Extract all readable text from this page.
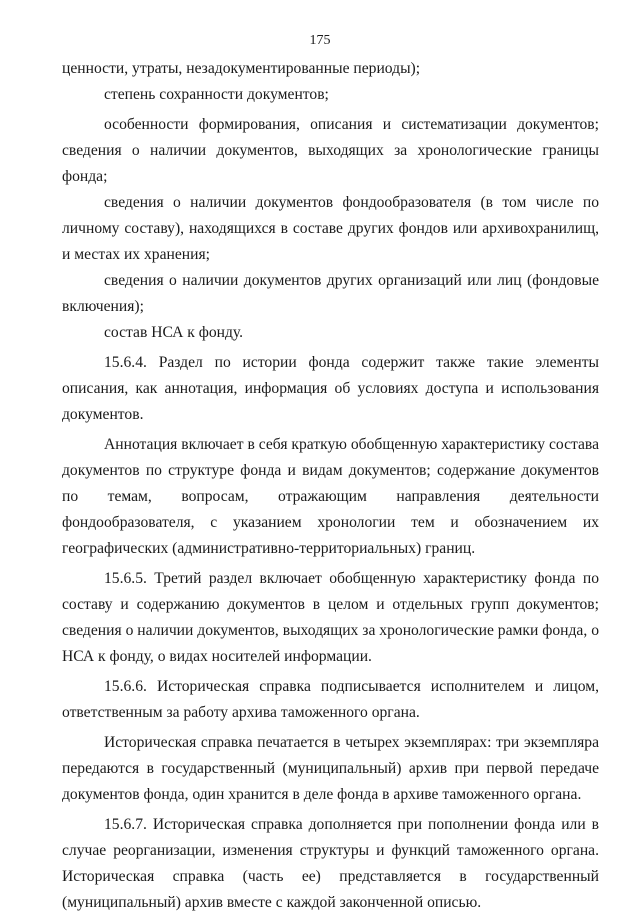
175

ценности, утраты, незадокументированные периоды);

степень сохранности документов;

особенности формирования, описания и систематизации документов; сведения о наличии документов, выходящих за хронологические границы фонда;

сведения о наличии документов фондообразователя (в том числе по личному составу), находящихся в составе других фондов или архивохранилищ, и местах их хранения;

сведения о наличии документов других организаций или лиц (фондовые включения);

состав НСА к фонду.

15.6.4. Раздел по истории фонда содержит также такие элементы описания, как аннотация, информация об условиях доступа и использования документов.

Аннотация включает в себя краткую обобщенную характеристику состава документов по структуре фонда и видам документов; содержание документов по темам, вопросам, отражающим направления деятельности фондообразователя, с указанием хронологии тем и обозначением их географических (административно-территориальных) границ.

15.6.5. Третий раздел включает обобщенную характеристику фонда по составу и содержанию документов в целом и отдельных групп документов; сведения о наличии документов, выходящих за хронологические рамки фонда, о НСА к фонду, о видах носителей информации.

15.6.6. Историческая справка подписывается исполнителем и лицом, ответственным за работу архива таможенного органа.

Историческая справка печатается в четырех экземплярах: три экземпляра передаются в государственный (муниципальный) архив при первой передаче документов фонда, один хранится в деле фонда в архиве таможенного органа.

15.6.7. Историческая справка дополняется при пополнении фонда или в случае реорганизации, изменения структуры и функций таможенного органа. Историческая справка (часть ее) представляется в государственный (муниципальный) архив вместе с каждой законченной описью.
